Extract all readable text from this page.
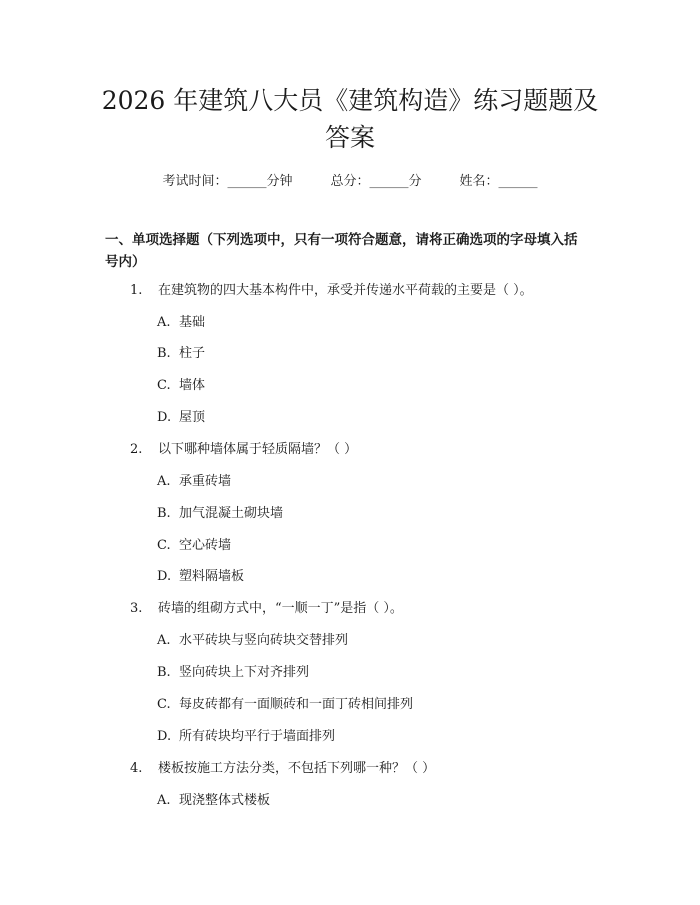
2026 年建筑八大员《建筑构造》练习题题及
答案
考试时间：______分钟	总分：______分	姓名：______
一、单项选择题（下列选项中，只有一项符合题意，请将正确选项的字母填入括
号内）
1. 在建筑物的四大基本构件中，承受并传递水平荷载的主要是（ ）。
A. 基础
B. 柱子
C. 墙体
D. 屋顶
2. 以下哪种墙体属于轻质隔墙？（ ）
A. 承重砖墙
B. 加气混凝土砌块墙
C. 空心砖墙
D. 塑料隔墙板
3. 砖墙的组砌方式中，“一顺一丁”是指（ ）。
A. 水平砖块与竖向砖块交替排列
B. 竖向砖块上下对齐排列
C. 每皮砖都有一面顺砖和一面丁砖相间排列
D. 所有砖块均平行于墙面排列
4. 楼板按施工方法分类，不包括下列哪一种？（ ）
A. 现浇整体式楼板
